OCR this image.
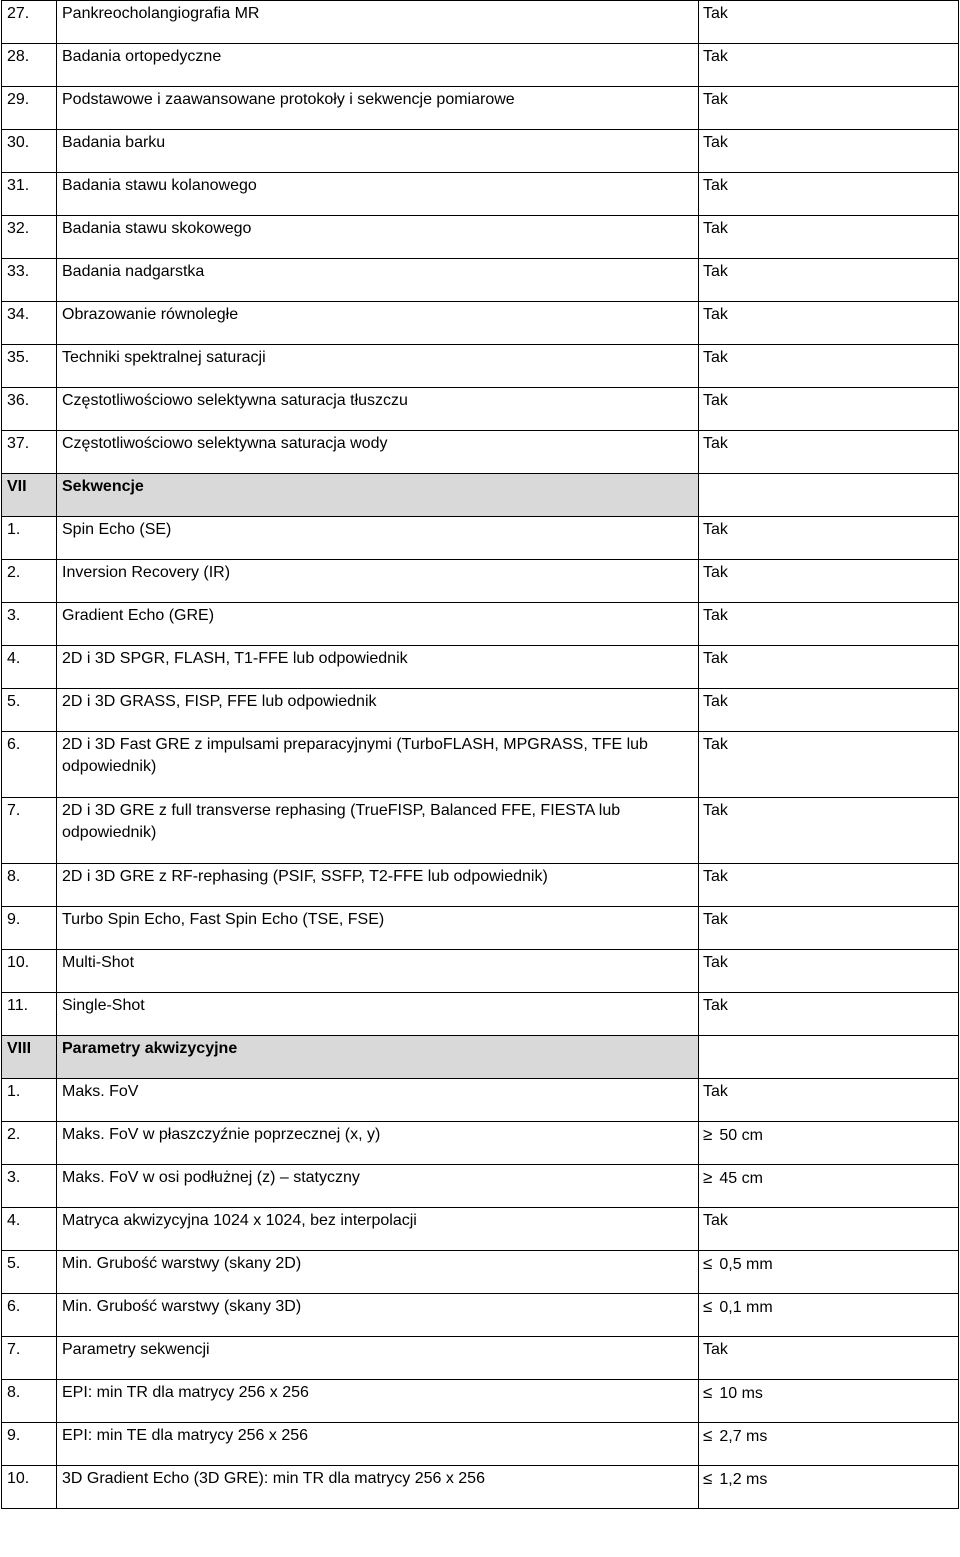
27.	Pankreocholangiografia MR	Tak
28.	Badania ortopedyczne	Tak
29.	Podstawowe i zaawansowane protokoły i sekwencje pomiarowe	Tak
30.	Badania barku	Tak
31.	Badania stawu kolanowego	Tak
32.	Badania stawu skokowego	Tak
33.	Badania nadgarstka	Tak
34.	Obrazowanie równoległe	Tak
35.	Techniki spektralnej saturacji	Tak
36.	Częstotliwościowo selektywna saturacja tłuszczu	Tak
37.	Częstotliwościowo selektywna saturacja wody	Tak
VII	Sekwencje	
1.	Spin Echo (SE)	Tak
2.	Inversion Recovery (IR)	Tak
3.	Gradient Echo (GRE)	Tak
4.	2D i 3D SPGR, FLASH, T1-FFE lub odpowiednik	Tak
5.	2D i 3D GRASS, FISP, FFE lub odpowiednik	Tak
6.	2D i 3D Fast GRE z impulsami preparacyjnymi (TurboFLASH, MPGRASS, TFE lub odpowiednik)	Tak
7.	2D i 3D GRE z full transverse rephasing (TrueFISP, Balanced FFE, FIESTA lub odpowiednik)	Tak
8.	2D i 3D GRE z RF-rephasing (PSIF, SSFP, T2-FFE lub odpowiednik)	Tak
9.	Turbo Spin Echo, Fast Spin Echo (TSE, FSE)	Tak
10.	Multi-Shot	Tak
11.	Single-Shot	Tak
VIII	Parametry akwizycyjne	
1.	Maks. FoV	Tak
2.	Maks. FoV w płaszczyźnie poprzecznej (x, y)	≥ 50 cm
3.	Maks. FoV w osi podłużnej (z) – statyczny	≥ 45 cm
4.	Matryca akwizycyjna 1024 x 1024, bez interpolacji	Tak
5.	Min. Grubość warstwy (skany 2D)	≤ 0,5 mm
6.	Min. Grubość warstwy (skany 3D)	≤ 0,1 mm
7.	Parametry sekwencji	Tak
8.	EPI: min TR dla matrycy 256 x 256	≤ 10 ms
9.	EPI: min TE dla matrycy 256 x 256	≤ 2,7 ms
10.	3D Gradient Echo (3D GRE): min TR dla matrycy 256 x 256	≤ 1,2 ms
